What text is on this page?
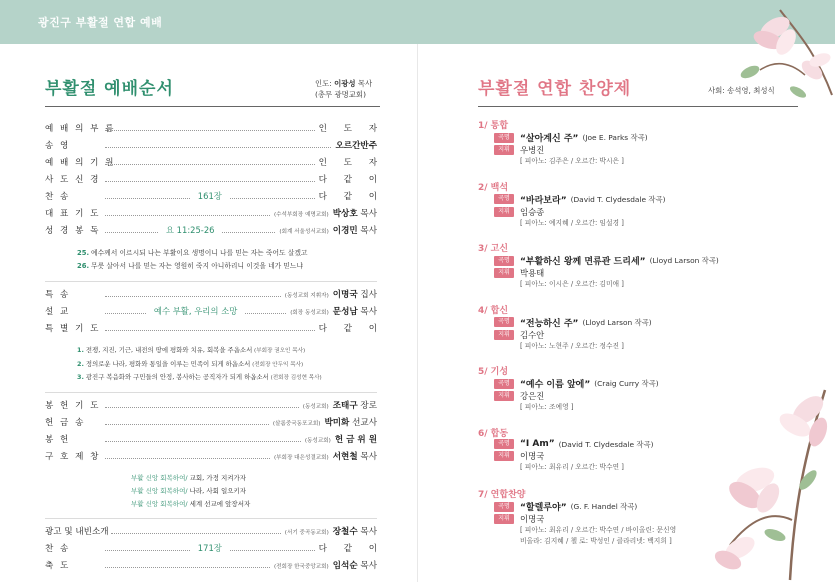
광진구 부활절 연합 예배
부활절 예배순서	인도: 이광성 목사
(총무 광명교회)
예 배 의 부 름	인 도 자
송 영	오르간반주
예 배 의 기 원	인 도 자
사 도 신 경	다 같 이
찬 송	161장	다 같 이
대 표 기 도	(수석부회장 예명교회) 박상호 목사
성 경 봉 독	요 11:25-26	(회계 서울성서교회) 이경민 목사
25. 예수께서 이르시되 나는 부활이요 생명이니 나를 믿는 자는 죽어도 살겠고
26. 무릇 살아서 나를 믿는 자는 영원히 죽지 아니하리니 이것을 네가 믿느냐
특 송	(동성교회 지휘자) 이명국 집사
설 교	예수 부활, 우리의 소망	(회장 동성교회) 문성남 목사
특 별 기 도	다 같 이
1. 전쟁, 지진, 기근, 내전의 땅에 평화와 치유, 회복을 주옵소서 (부회장 권오인 목사)
2. 정의로운 나라, 평화와 통일을 이루는 민족이 되게 하옵소서 (전회장 안두익 목사)
3. 광진구 복음화와 구민들의 안정, 봉사하는 공직자가 되게 하옵소서 (전회장 김성현 목사)
봉 헌 기 도	(동성교회) 조태구 장로
헌 금 송	(살롬중국동포교회) 박미화 선교사
봉 헌	(동성교회) 헌 금 위 원
구 호 제 창	(부회장 대은성결교회) 서현철 목사
부활 신앙 회복하여/ 교회, 가정 지켜가자
부활 신앙 회복하여/ 나라, 사회 일으키자
부활 신앙 회복하여/ 세계 선교에 앞장서자
광고 및 내빈소개	(서기 중곡동교회) 장철수 목사
찬 송	171장	다 같 이
축 도	(전회장 한국중앙교회) 임석순 목사
부활절 연합 찬양제	사회: 송석영, 최성식
1/ 통합
곡명	“살아계신 주” (Joe E. Parks 작곡)
지휘	우병진
[ 피아노: 김주은 / 오르간: 박시은 ]
2/ 백석
곡명	“바라보라” (David T. Clydesdale 작곡)
지휘	임승종
[ 피아노: 예지혜 / 오르간: 임설경 ]
3/ 고신
곡명	“부활하신 왕께 면류관 드리세” (Lloyd Larson 작곡)
지휘	박용태
[ 피아노: 이시은 / 오르간: 김미애 ]
4/ 합신
곡명	“전능하신 주” (Lloyd Larson 작곡)
지휘	김수안
[ 피아노: 노현주 / 오르간: 정수진 ]
5/ 기성
곡명	“예수 이름 앞에” (Craig Curry 작곡)
지휘	강은진
[ 피아노: 조예영 ]
6/ 합동
곡명	“I Am” (David T. Clydesdale 작곡)
지휘	이명국
[ 피아노: 최유리 / 오르간: 박수연 ]
7/ 연합찬양
곡명	“할렐루야” (G. F. Handel 작곡)
지휘	이명국
[ 피아노: 최유리 / 오르간: 박수연 / 바이올린: 문신영
비올라: 김지혜 / 첼 로: 박성인 / 클라리넷: 백지희 ]
